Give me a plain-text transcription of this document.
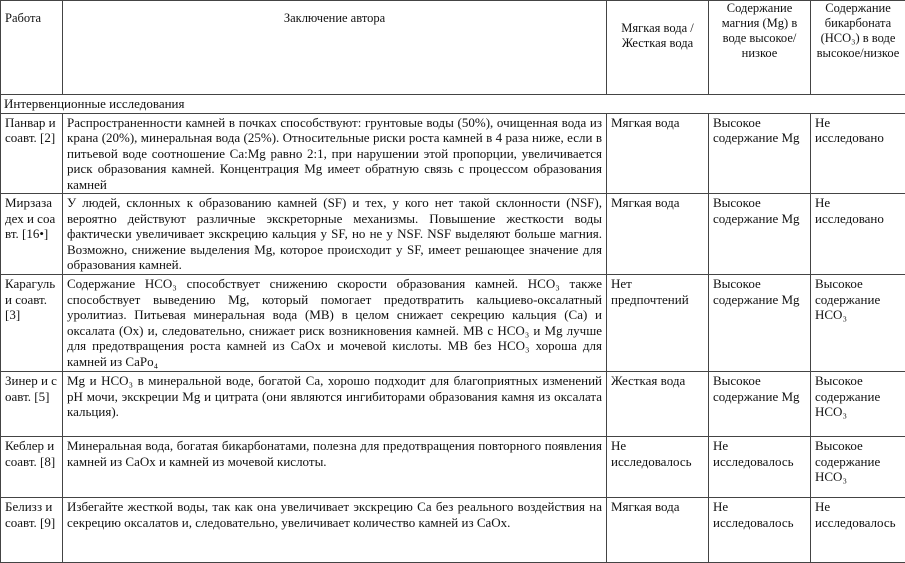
Работа	Заключение автора	Мягкая вода / Жесткая вода	Содержание магния (Mg) в воде высокое/низкое	Содержание бикарбоната (HCO₃) в воде высокое/низкое
Интервенционные исследования				
Панвар и соавт. [2]	Распространенности камней в почках способствуют: грунтовые воды (50%), очищенная вода из крана (20%), минеральная вода (25%). Относительные риски роста камней в 4 раза ниже, если в питьевой воде соотношение Ca:Mg равно 2:1, при нарушении этой пропорции, увеличивается риск образования камней. Концентрация Mg имеет обратную связь с процессом образования камней	Мягкая вода	Высокое содержание Mg	Не исследовано
Мирзазадех и соавт. [16•]	У людей, склонных к образованию камней (SF) и тех, у кого нет такой склонности (NSF), вероятно действуют различные экскреторные механизмы. Повышение жесткости воды фактически увеличивает экскрецию кальция у SF, но не у NSF. NSF выделяют больше магния. Возможно, снижение выделения Mg, которое происходит у SF, имеет решающее значение для образования камней.	Мягкая вода	Высокое содержание Mg	Не исследовано
Карагуль и соавт. [3]	Содержание HCO₃ способствует снижению скорости образования камней. HCO₃ также способствует выведению Mg, который помогает предотвратить кальциево-оксалатный уролитиаз. Питьевая минеральная вода (МВ) в целом снижает секрецию кальция (Ca) и оксалата (Ox) и, следовательно, снижает риск возникновения камней. МВ с HCO₃ и Mg лучше для предотвращения роста камней из CaOx и мочевой кислоты. МВ без HCO₃ хороша для камней из CaPo₄	Нет предпочтений	Высокое содержание Mg	Высокое содержание HCO₃
Зинер и соавт. [5]	Mg и HCO₃ в минеральной воде, богатой Ca, хорошо подходит для благоприятных изменений pH мочи, экскреции Mg и цитрата (они являются ингибиторами образования камня из оксалата кальция).	Жесткая вода	Высокое содержание Mg	Высокое содержание HCO₃
Кеблер и соавт. [8]	Минеральная вода, богатая бикарбонатами, полезна для предотвращения повторного появления камней из CaOx и камней из мочевой кислоты.	Не исследовалось	Не исследовалось	Высокое содержание HCO₃
Белизз и соавт. [9]	Избегайте жесткой воды, так как она увеличивает экскрецию Ca без реального воздействия на секрецию оксалатов и, следовательно, увеличивает количество камней из CaOx.	Мягкая вода	Не исследовалось	Не исследовалось
